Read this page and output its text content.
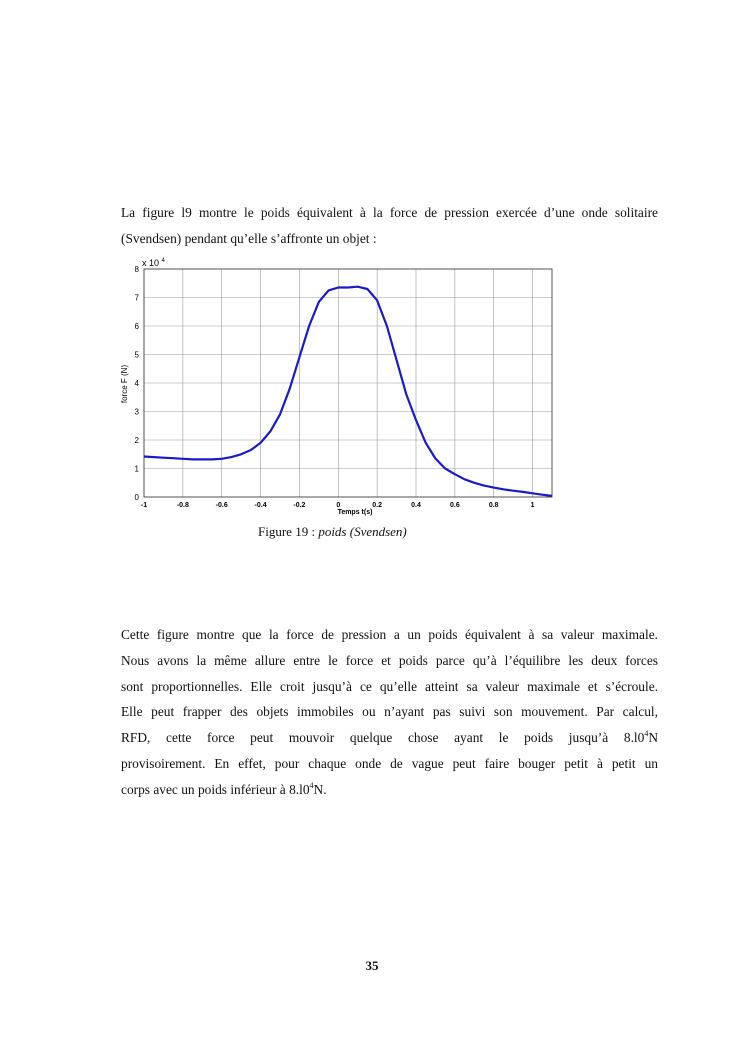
La figure l9 montre le poids équivalent à la force de pression exercée d’une onde solitaire
(Svendsen) pendant qu’elle s’affronte un objet :
-1	-0.8	-0.6	-0.4	-0.2	0	0.2	0.4	0.6	0.8	1
0
1
2
3
4
5
6
7
8
x 10 $^4$
force F (N)
Temps t(s)
Figure 19 : poids (Svendsen)
Cette figure montre que la force de pression a un poids équivalent à sa valeur maximale.
Nous avons la même allure entre le force et poids parce qu’à l’équilibre les deux forces
sont proportionnelles. Elle croit jusqu’à ce qu’elle atteint sa valeur maximale et s’écroule.
Elle peut frapper des objets immobiles ou n’ayant pas suivi son mouvement. Par calcul,
RFD, cette force peut mouvoir quelque chose ayant le poids jusqu’à $8.l0^4N$
provisoirement. En effet, pour chaque onde de vague peut faire bouger petit à petit un
corps avec un poids inférieur à $8.l0^4N$.
35
